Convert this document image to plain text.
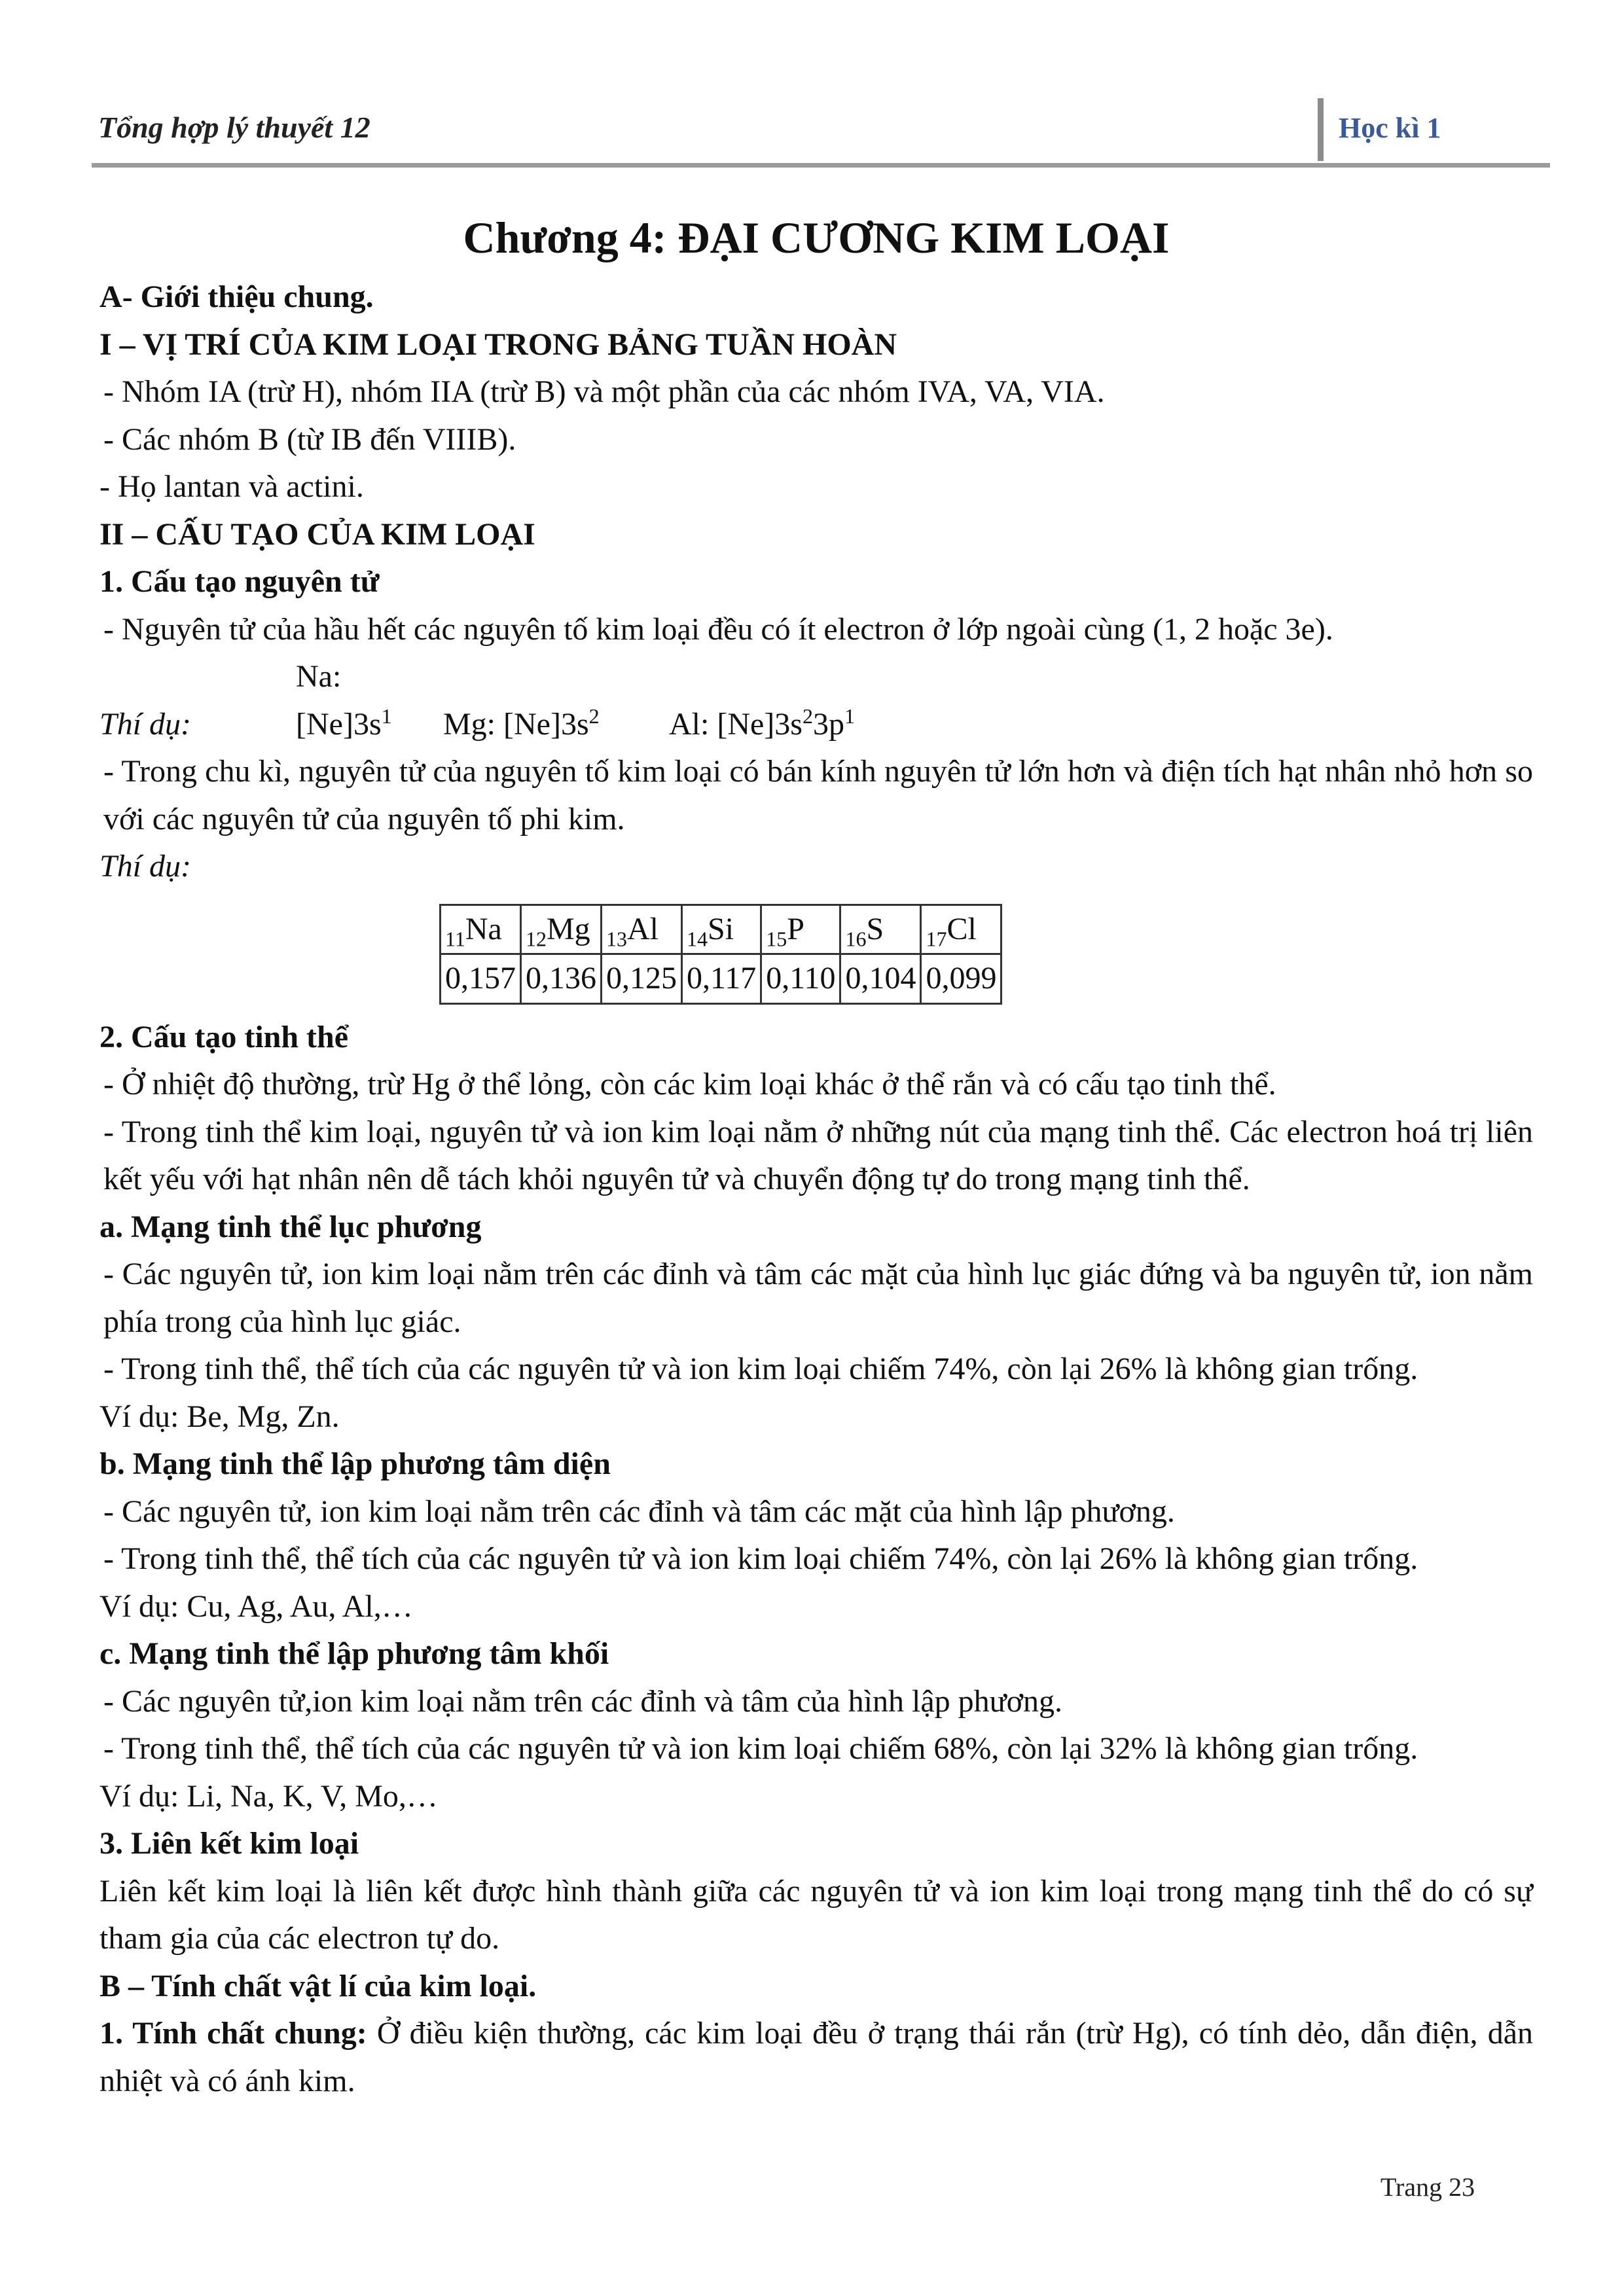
Tổng hợp lý thuyết 12	Học kì 1

Chương 4: ĐẠI CƯƠNG KIM LOẠI

A- Giới thiệu chung.

I – VỊ TRÍ CỦA KIM LOẠI TRONG BẢNG TUẦN HOÀN

- Nhóm IA (trừ H), nhóm IIA (trừ B) và một phần của các nhóm IVA, VA, VIA.

- Các nhóm B (từ IB đến VIIIB).

- Họ lantan và actini.

II – CẤU TẠO CỦA KIM LOẠI

1. Cấu tạo nguyên tử

- Nguyên tử của hầu hết các nguyên tố kim loại đều có ít electron ở lớp ngoài cùng (1, 2 hoặc 3e).

Thí dụ:Na: $[Ne]3s^1$ Mg: $[Ne]3s^2$ Al: $[Ne]3s^23p^1$

- Trong chu kì, nguyên tử của nguyên tố kim loại có bán kính nguyên tử lớn hơn và điện tích hạt nhân nhỏ hơn so với các nguyên tử của nguyên tố phi kim.

Thí dụ:

$_{11}$Na	$_{12}$Mg	$_{13}$Al	$_{14}$Si	$_{15}$P	$_{16}$S	$_{17}$Cl
0,157	0,136	0,125	0,117	0,110	0,104	0,099

2. Cấu tạo tinh thể

- Ở nhiệt độ thường, trừ Hg ở thể lỏng, còn các kim loại khác ở thể rắn và có cấu tạo tinh thể.

- Trong tinh thể kim loại, nguyên tử và ion kim loại nằm ở những nút của mạng tinh thể. Các electron hoá trị liên kết yếu với hạt nhân nên dễ tách khỏi nguyên tử và chuyển động tự do trong mạng tinh thể.

a. Mạng tinh thể lục phương

- Các nguyên tử, ion kim loại nằm trên các đỉnh và tâm các mặt của hình lục giác đứng và ba nguyên tử, ion nằm phía trong của hình lục giác.

- Trong tinh thể, thể tích của các nguyên tử và ion kim loại chiếm 74%, còn lại 26% là không gian trống.

Ví dụ: Be, Mg, Zn.

b. Mạng tinh thể lập phương tâm diện

- Các nguyên tử, ion kim loại nằm trên các đỉnh và tâm các mặt của hình lập phương.

- Trong tinh thể, thể tích của các nguyên tử và ion kim loại chiếm 74%, còn lại 26% là không gian trống.

Ví dụ: Cu, Ag, Au, Al,…

c. Mạng tinh thể lập phương tâm khối

- Các nguyên tử,ion kim loại nằm trên các đỉnh và tâm của hình lập phương.

- Trong tinh thể, thể tích của các nguyên tử và ion kim loại chiếm 68%, còn lại 32% là không gian trống.

Ví dụ: Li, Na, K, V, Mo,…

3. Liên kết kim loại

Liên kết kim loại là liên kết được hình thành giữa các nguyên tử và ion kim loại trong mạng tinh thể do có sự tham gia của các electron tự do.

B – Tính chất vật lí của kim loại.

1. Tính chất chung: Ở điều kiện thường, các kim loại đều ở trạng thái rắn (trừ Hg), có tính dẻo, dẫn điện, dẫn nhiệt và có ánh kim.

Trang 23
